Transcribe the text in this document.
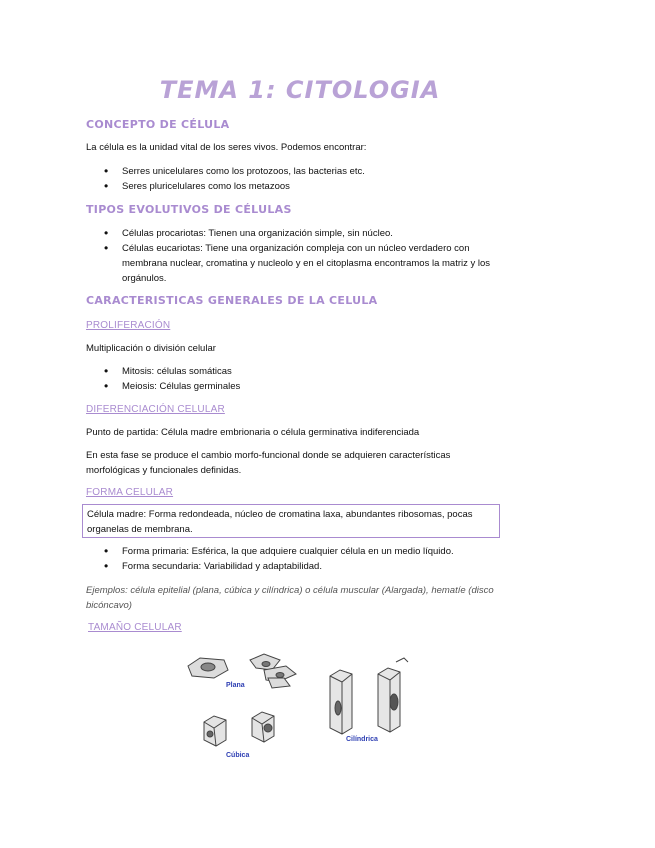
TEMA 1: CITOLOGIA
CONCEPTO DE CÉLULA
La célula es la unidad vital de los seres vivos. Podemos encontrar:
• Serres unicelulares como los protozoos, las bacterias etc.
• Seres pluricelulares como los metazoos
TIPOS EVOLUTIVOS DE CÉLULAS
• Células procariotas: Tienen una organización simple, sin núcleo.
• Células eucariotas: Tiene una organización compleja con un núcleo verdadero con membrana nuclear, cromatina y nucleolo y en el citoplasma encontramos la matriz y los orgánulos.
CARACTERISTICAS GENERALES DE LA CELULA
PROLIFERACIÓN
Multiplicación o división celular
• Mitosis: células somáticas
• Meiosis: Células germinales
DIFERENCIACIÓN CELULAR
Punto de partida: Célula madre embrionaria o célula germinativa indiferenciada
En esta fase se produce el cambio morfo-funcional donde se adquieren características morfológicas y funcionales definidas.
FORMA CELULAR
Célula madre: Forma redondeada, núcleo de cromatina laxa, abundantes ribosomas, pocas organelas de membrana.
• Forma primaria: Esférica, la que adquiere cualquier célula en un medio líquido.
• Forma secundaria: Variabilidad y adaptabilidad.
Ejemplos: célula epitelial (plana, cúbica y cilíndrica) o célula muscular (Alargada), hematíe (disco bicóncavo)
TAMAÑO CELULAR
Plana
Cúbica
Cilíndrica
